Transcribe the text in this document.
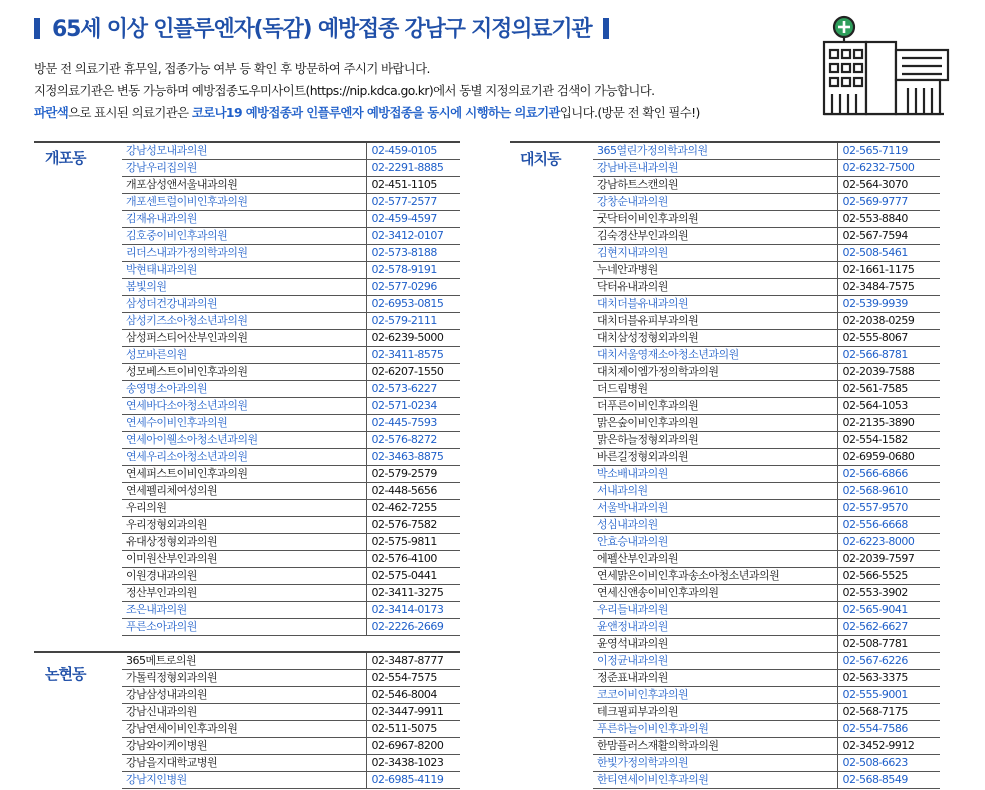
65세 이상 인플루엔자(독감) 예방접종 강남구 지정의료기관
방문 전 의료기관 휴무일, 접종가능 여부 등 확인 후 방문하여 주시기 바랍니다.
지정의료기관은 변동 가능하며 예방접종도우미사이트(https://nip.kdca.go.kr)에서 동별 지정의료기관 검색이 가능합니다.
파란색으로 표시된 의료기관은 코로나19 예방접종과 인플루엔자 예방접종을 동시에 시행하는 의료기관입니다.(방문 전 확인 필수!)
개포동	강남성모내과의원	02-459-0105
강남우리집의원	02-2291-8885
개포삼성앤서울내과의원	02-451-1105
개포센트럴이비인후과의원	02-577-2577
김재유내과의원	02-459-4597
김호중이비인후과의원	02-3412-0107
리더스내과가정의학과의원	02-573-8188
박현태내과의원	02-578-9191
봄빛의원	02-577-0296
삼성더건강내과의원	02-6953-0815
삼성키즈소아청소년과의원	02-579-2111
삼성퍼스티어산부인과의원	02-6239-5000
성모바른의원	02-3411-8575
성모베스트이비인후과의원	02-6207-1550
송영명소아과의원	02-573-6227
연세바다소아청소년과의원	02-571-0234
연세수이비인후과의원	02-445-7593
연세아이웰소아청소년과의원	02-576-8272
연세우리소아청소년과의원	02-3463-8875
연세퍼스트이비인후과의원	02-579-2579
연세펠리체여성의원	02-448-5656
우리의원	02-462-7255
우리정형외과의원	02-576-7582
유대상정형외과의원	02-575-9811
이미원산부인과의원	02-576-4100
이원경내과의원	02-575-0441
정산부인과의원	02-3411-3275
조은내과의원	02-3414-0173
푸른소아과의원	02-2226-2669
논현동
365메트로의원	02-3487-8777
가톨릭정형외과의원	02-554-7575
강남삼성내과의원	02-546-8004
강남신내과의원	02-3447-9911
강남연세이비인후과의원	02-511-5075
강남와이케이병원	02-6967-8200
강남을지대학교병원	02-3438-1023
강남지인병원	02-6985-4119
대치동	365열린가정의학과의원	02-565-7119
강남바른내과의원	02-6232-7500
강남하트스캔의원	02-564-3070
강창순내과의원	02-569-9777
굿닥터이비인후과의원	02-553-8840
김숙경산부인과의원	02-567-7594
김현지내과의원	02-508-5461
누네안과병원	02-1661-1175
닥터유내과의원	02-3484-7575
대치더블유내과의원	02-539-9939
대치더블유피부과의원	02-2038-0259
대치삼성정형외과의원	02-555-8067
대치서울영재소아청소년과의원	02-566-8781
대치제이엠가정의학과의원	02-2039-7588
더드림병원	02-561-7585
더푸른이비인후과의원	02-564-1053
맑은숲이비인후과의원	02-2135-3890
맑은하늘정형외과의원	02-554-1582
바른길정형외과의원	02-6959-0680
박소배내과의원	02-566-6866
서내과의원	02-568-9610
서울박내과의원	02-557-9570
성심내과의원	02-556-6668
안효승내과의원	02-6223-8000
에펠산부인과의원	02-2039-7597
연세맑은이비인후과송소아청소년과의원	02-566-5525
연세신앤송이비인후과의원	02-553-3902
우리들내과의원	02-565-9041
윤앤정내과의원	02-562-6627
윤영석내과의원	02-508-7781
이정균내과의원	02-567-6226
정준표내과의원	02-563-3375
코코이비인후과의원	02-555-9001
테크필피부과의원	02-568-7175
푸른하늘이비인후과의원	02-554-7586
한맘플러스재활의학과의원	02-3452-9912
한빛가정의학과의원	02-508-6623
한티연세이비인후과의원	02-568-8549
